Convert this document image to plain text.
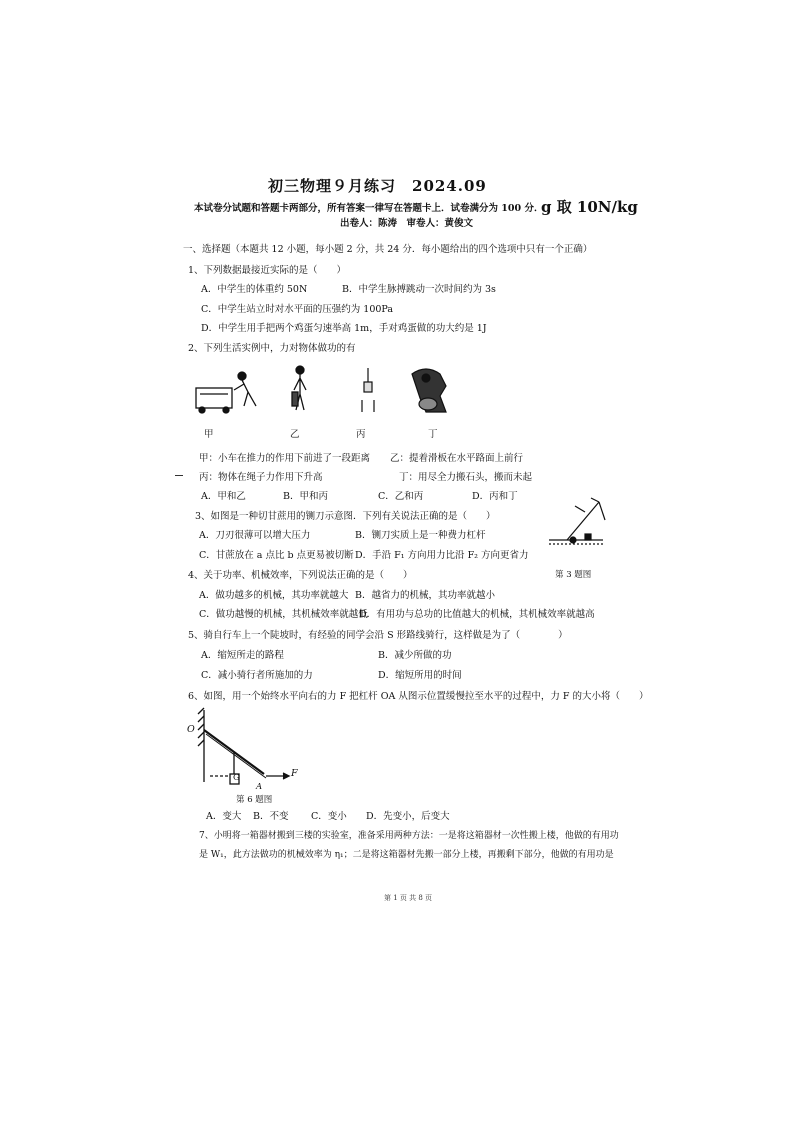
初三物理９月练习　2024.09
本试卷分试题和答题卡两部分，所有答案一律写在答题卡上．试卷满分为 100 分．
g 取 10N/kg
出卷人：陈涛　审卷人：黄俊文
一、选择题（本题共 12 小题，每小题 2 分，共 24 分．每小题给出的四个选项中只有一个正确）
1、下列数据最接近实际的是（　　）
A．中学生的体重约 50N	B．中学生脉搏跳动一次时间约为 3s
C．中学生站立时对水平面的压强约为 100Pa
D．中学生用手把两个鸡蛋匀速举高 1m，手对鸡蛋做的功大约是 1J
2、下列生活实例中，力对物体做功的有
甲	乙	丙	丁
甲：小车在推力的作用下前进了一段距离 乙：提着滑板在水平路面上前行
丙：物体在绳子力作用下升高	丁：用尽全力搬石头，搬而未起
A．甲和乙	B．甲和丙	C．乙和丙	D．丙和丁
3、如图是一种切甘蔗用的铡刀示意图．下列有关说法正确的是（　　）
A．刀刃很薄可以增大压力	B．铡刀实质上是一种费力杠杆
C．甘蔗放在 a 点比 b 点更易被切断 D．手沿 F₁ 方向用力比沿 F₂ 方向更省力
第 3 题图
4、关于功率、机械效率，下列说法正确的是（　　）
A．做功越多的机械，其功率就越大 B．越省力的机械，其功率就越小
C．做功越慢的机械，其机械效率就越低
D．有用功与总功的比值越大的机械，其机械效率就越高
5、骑自行车上一个陡坡时，有经验的同学会沿 S 形路线骑行，这样做是为了（　　　　）
A．缩短所走的路程	B．减少所做的功
C．减小骑行者所施加的力	D．缩短所用的时间
6、如图，用一个始终水平向右的力 F 把杠杆 OA 从图示位置缓慢拉至水平的过程中，力 F 的大小将（　　）
O
G
A
F
第 6 题图
A．变大 B．不变 C．变小 D．先变小，后变大
7、小明将一箱器材搬到三楼的实验室，准备采用两种方法：一是将这箱器材一次性搬上楼，他做的有用功
是 W₁，此方法做功的机械效率为 η₁；二是将这箱器材先搬一部分上楼，再搬剩下部分，他做的有用功是
第 1 页 共 8 页
